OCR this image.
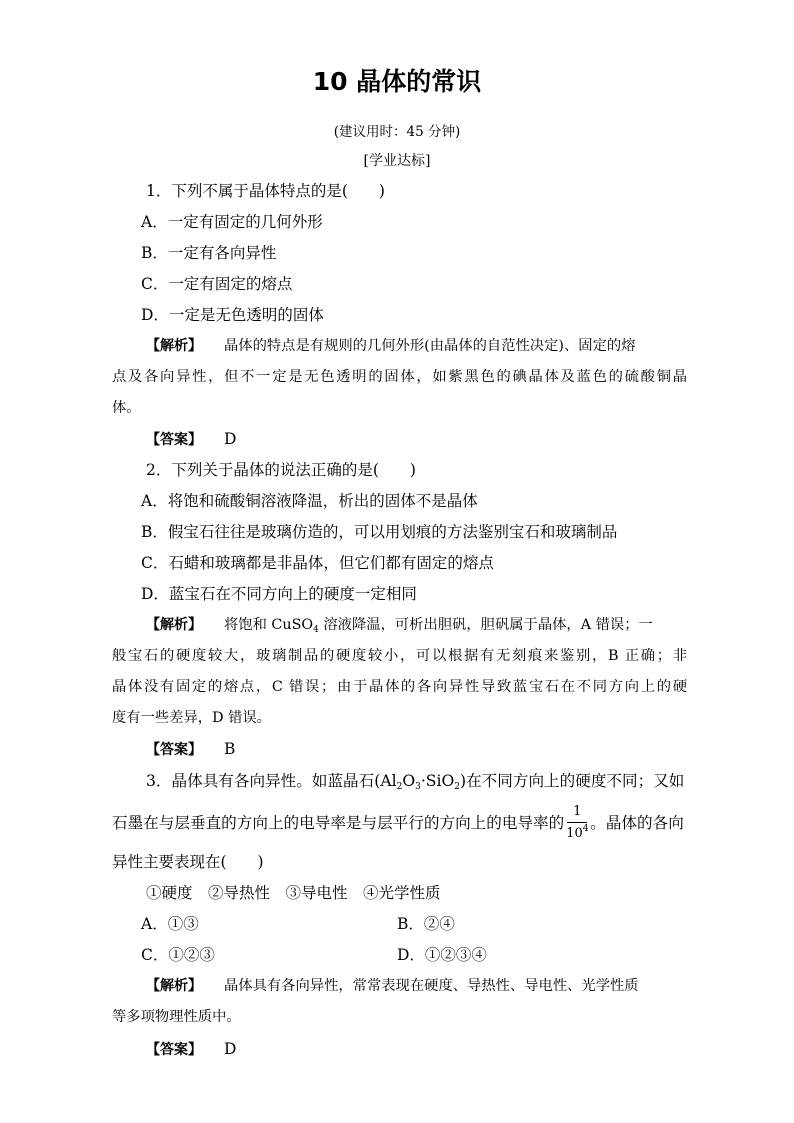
10 晶体的常识
(建议用时：45 分钟)
[学业达标]
1．下列不属于晶体特点的是(　　)
A．一定有固定的几何外形
B．一定有各向异性
C．一定有固定的熔点
D．一定是无色透明的固体
【解析】 晶体的特点是有规则的几何外形(由晶体的自范性决定)、固定的熔
点及各向异性，但不一定是无色透明的固体，如紫黑色的碘晶体及蓝色的硫酸铜晶
体。
【答案】 D
2．下列关于晶体的说法正确的是(　　)
A．将饱和硫酸铜溶液降温，析出的固体不是晶体
B．假宝石往往是玻璃仿造的，可以用划痕的方法鉴别宝石和玻璃制品
C．石蜡和玻璃都是非晶体，但它们都有固定的熔点
D．蓝宝石在不同方向上的硬度一定相同
【解析】 将饱和 CuSO$_4$ 溶液降温，可析出胆矾，胆矾属于晶体，A 错误；一
般宝石的硬度较大，玻璃制品的硬度较小，可以根据有无刻痕来鉴别，B 正确；非
晶体没有固定的熔点，C 错误；由于晶体的各向异性导致蓝宝石在不同方向上的硬
度有一些差异，D 错误。
【答案】 B
3．晶体具有各向异性。如蓝晶石$(Al_2O_3\cdot SiO_2)$在不同方向上的硬度不同；又如
石墨在与层垂直的方向上的电导率是与层平行的方向上的电导率的 $\frac{1}{10^4}$ 。晶体的各向
异性主要表现在(　　)
①硬度　②导热性　③导电性　④光学性质
A．①③	B．②④
C．①②③	D．①②③④
【解析】 晶体具有各向异性，常常表现在硬度、导热性、导电性、光学性质
等多项物理性质中。
【答案】 D
